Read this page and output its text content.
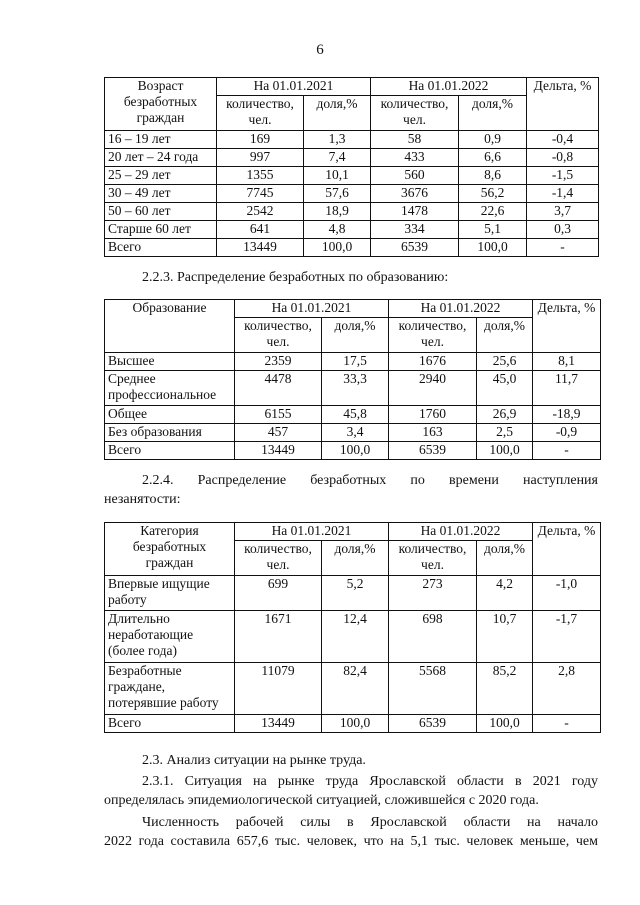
6
Возраст безработных граждан	На 01.01.2021		На 01.01.2022		Дельта, %
	количество, чел.	доля,%	количество, чел.	доля,%	
16 – 19 лет	169	1,3	58	0,9	-0,4
20 лет – 24 года	997	7,4	433	6,6	-0,8
25 – 29 лет	1355	10,1	560	8,6	-1,5
30 – 49 лет	7745	57,6	3676	56,2	-1,4
50 – 60 лет	2542	18,9	1478	22,6	3,7
Старше 60 лет	641	4,8	334	5,1	0,3
Всего	13449	100,0	6539	100,0	-
2.2.3. Распределение безработных по образованию:
Образование	На 01.01.2021		На 01.01.2022		Дельта, %
	количество, чел.	доля,%	количество, чел.	доля,%	
Высшее	2359	17,5	1676	25,6	8,1
Среднее профессиональное	4478	33,3	2940	45,0	11,7
Общее	6155	45,8	1760	26,9	-18,9
Без образования	457	3,4	163	2,5	-0,9
Всего	13449	100,0	6539	100,0	-
2.2.4. Распределение безработных по времени наступления
незанятости:
Категория безработных граждан	На 01.01.2021		На 01.01.2022		Дельта, %
	количество, чел.	доля,%	количество, чел.	доля,%	
Впервые ищущие работу	699	5,2	273	4,2	-1,0
Длительно неработающие (более года)	1671	12,4	698	10,7	-1,7
Безработные граждане, потерявшие работу	11079	82,4	5568	85,2	2,8
Всего	13449	100,0	6539	100,0	-
2.3. Анализ ситуации на рынке труда.
2.3.1. Ситуация на рынке труда Ярославской области в 2021 году
определялась эпидемиологической ситуацией, сложившейся с 2020 года.
Численность рабочей силы в Ярославской области на начало
2022 года составила 657,6 тыс. человек, что на 5,1 тыс. человек меньше, чем
